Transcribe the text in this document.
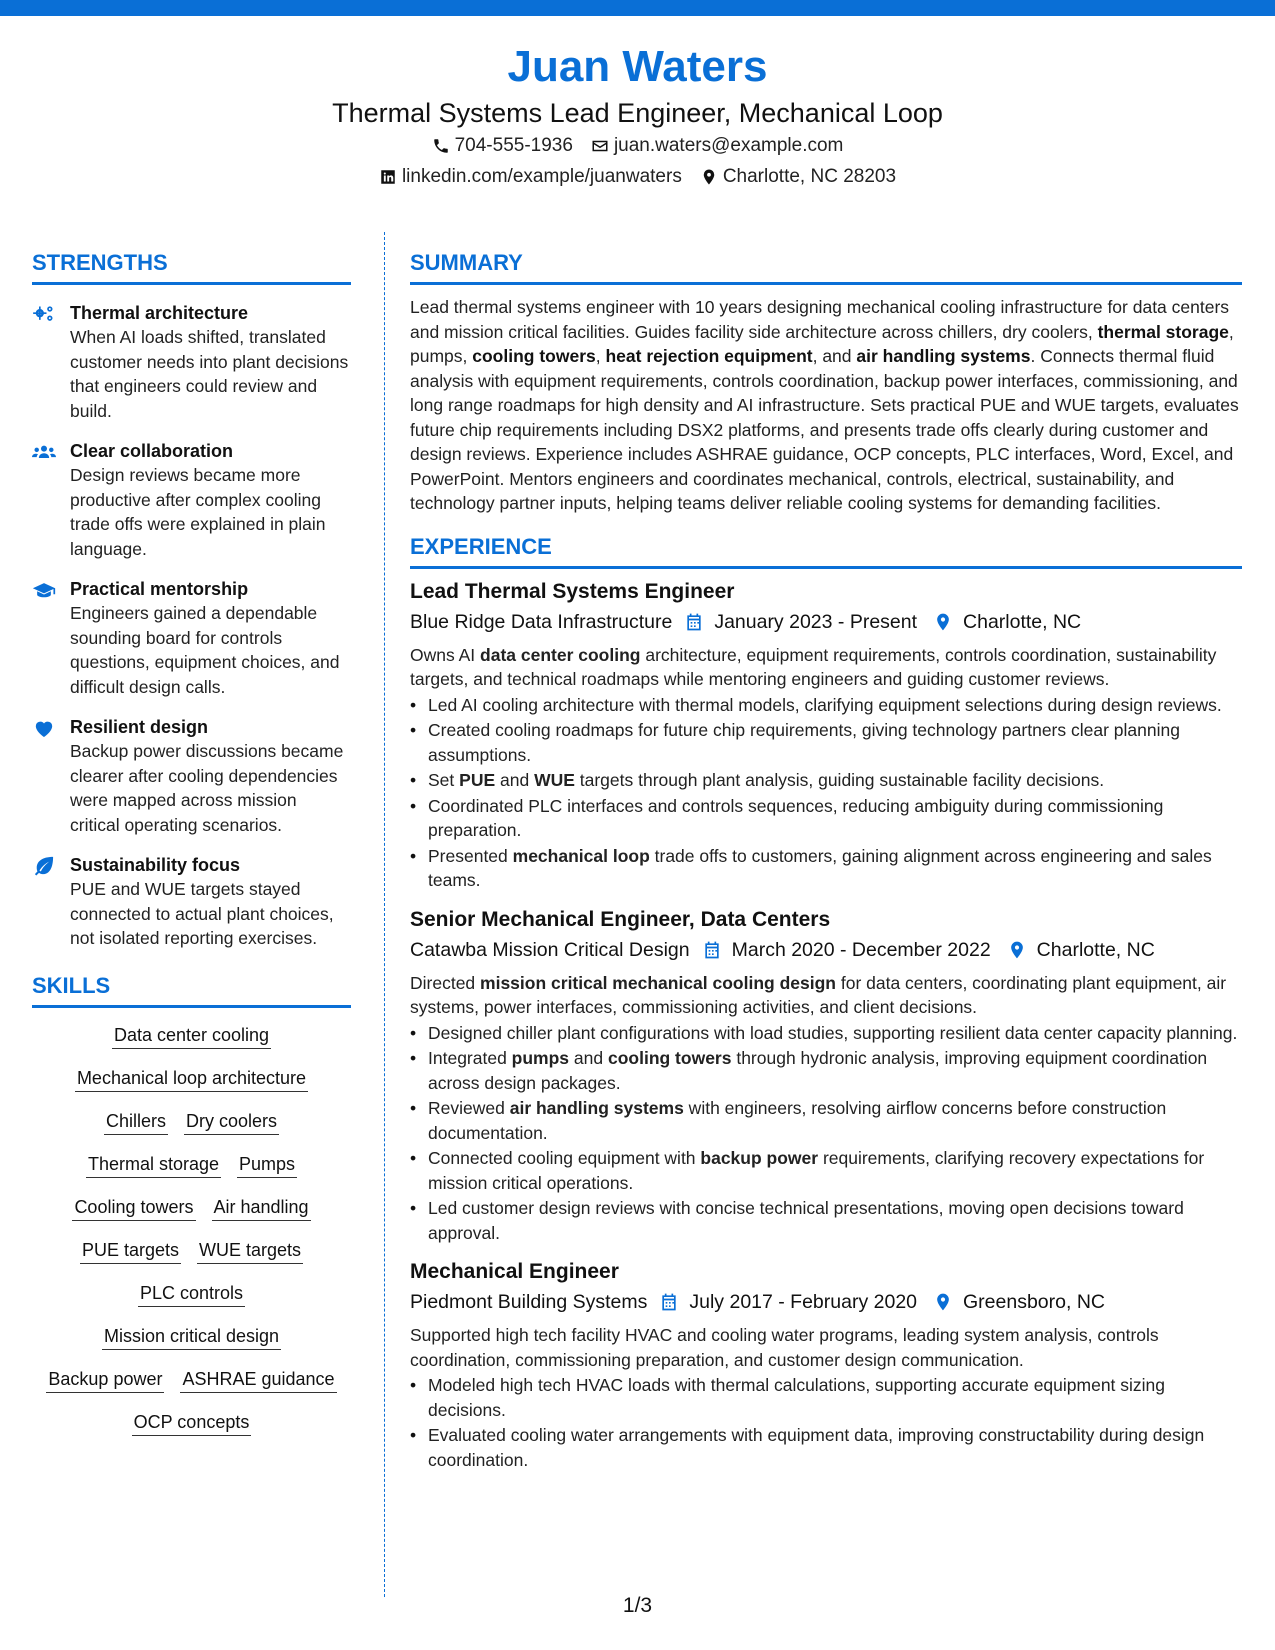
Juan Waters
Thermal Systems Lead Engineer, Mechanical Loop
704-555-1936 juan.waters@example.com
linkedin.com/example/juanwaters Charlotte, NC 28203
STRENGTHS
Thermal architecture
When AI loads shifted, translated customer needs into plant decisions that engineers could review and build.
Clear collaboration
Design reviews became more productive after complex cooling trade offs were explained in plain language.
Practical mentorship
Engineers gained a dependable sounding board for controls questions, equipment choices, and difficult design calls.
Resilient design
Backup power discussions became clearer after cooling dependencies were mapped across mission critical operating scenarios.
Sustainability focus
PUE and WUE targets stayed connected to actual plant choices, not isolated reporting exercises.
SKILLS
Data center cooling
Mechanical loop architecture
Chillers Dry coolers
Thermal storage Pumps
Cooling towers Air handling
PUE targets WUE targets
PLC controls
Mission critical design
Backup power ASHRAE guidance
OCP concepts
SUMMARY
Lead thermal systems engineer with 10 years designing mechanical cooling infrastructure for data centers and mission critical facilities. Guides facility side architecture across chillers, dry coolers, thermal storage, pumps, cooling towers, heat rejection equipment, and air handling systems. Connects thermal fluid analysis with equipment requirements, controls coordination, backup power interfaces, commissioning, and long range roadmaps for high density and AI infrastructure. Sets practical PUE and WUE targets, evaluates future chip requirements including DSX2 platforms, and presents trade offs clearly during customer and design reviews. Experience includes ASHRAE guidance, OCP concepts, PLC interfaces, Word, Excel, and PowerPoint. Mentors engineers and coordinates mechanical, controls, electrical, sustainability, and technology partner inputs, helping teams deliver reliable cooling systems for demanding facilities.
EXPERIENCE
Lead Thermal Systems Engineer
Blue Ridge Data Infrastructure January 2023 - Present Charlotte, NC
Owns AI data center cooling architecture, equipment requirements, controls coordination, sustainability targets, and technical roadmaps while mentoring engineers and guiding customer reviews.
• Led AI cooling architecture with thermal models, clarifying equipment selections during design reviews.
• Created cooling roadmaps for future chip requirements, giving technology partners clear planning assumptions.
• Set PUE and WUE targets through plant analysis, guiding sustainable facility decisions.
• Coordinated PLC interfaces and controls sequences, reducing ambiguity during commissioning preparation.
• Presented mechanical loop trade offs to customers, gaining alignment across engineering and sales teams.
Senior Mechanical Engineer, Data Centers
Catawba Mission Critical Design March 2020 - December 2022 Charlotte, NC
Directed mission critical mechanical cooling design for data centers, coordinating plant equipment, air systems, power interfaces, commissioning activities, and client decisions.
• Designed chiller plant configurations with load studies, supporting resilient data center capacity planning.
• Integrated pumps and cooling towers through hydronic analysis, improving equipment coordination across design packages.
• Reviewed air handling systems with engineers, resolving airflow concerns before construction documentation.
• Connected cooling equipment with backup power requirements, clarifying recovery expectations for mission critical operations.
• Led customer design reviews with concise technical presentations, moving open decisions toward approval.
Mechanical Engineer
Piedmont Building Systems July 2017 - February 2020 Greensboro, NC
Supported high tech facility HVAC and cooling water programs, leading system analysis, controls coordination, commissioning preparation, and customer design communication.
• Modeled high tech HVAC loads with thermal calculations, supporting accurate equipment sizing decisions.
• Evaluated cooling water arrangements with equipment data, improving constructability during design coordination.
1/3
